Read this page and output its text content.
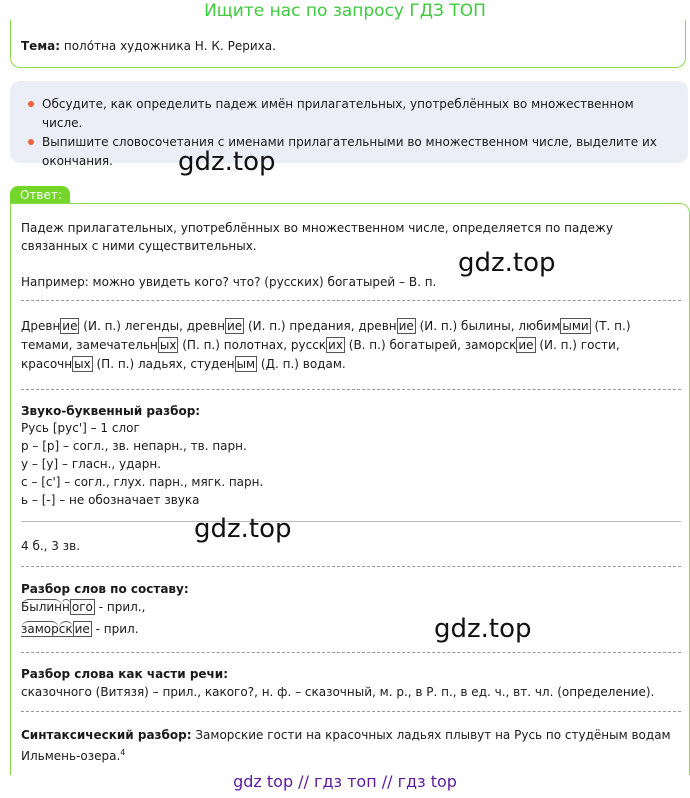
Ищите нас по запросу ГДЗ ТОП
Тема: поло́тна художника Н. К. Рериха.
Обсудите, как определить падеж имён прилагательных, употреблённых во множественном числе.
Выпишите словосочетания с именами прилагательными во множественном числе, выделите их окончания.	gdz.top
Ответ:
Падеж прилагательных, употреблённых во множественном числе, определяется по падежу связанных с ними существительных.
gdz.top
Например: можно увидеть кого? что? (русских) богатырей – В. п.
Древн ие (И. п.) легенды, древн ие (И. п.) предания, древн ие (И. п.) былины, любим ыми (Т. п.) темами, замечательн ых (П. п.) полотнах, русск их (В. п.) богатырей, заморск ие (И. п.) гости, красочн ых (П. п.) ладьях, студен ым (Д. п.) водам.
Звуко-буквенный разбор:
Русь [рус'] – 1 слог
р – [р] – согл., зв. непарн., тв. парн.
у – [у] – гласн., ударн.
с – [с'] – согл., глух. парн., мягк. парн.
ь – [-] – не обозначает звука
gdz.top
4 б., 3 зв.
Разбор слов по составу:
Былинн ого - прил.,
заморск ие - прил.	gdz.top
Разбор слова как части речи:
сказочного (Витязя) – прил., какого?, н. ф. – сказочный, м. р., в Р. п., в ед. ч., вт. чл. (определение).
Синтаксический разбор: Заморские гости на красочных ладьях плывут на Русь по студёным водам
Ильмень-озера.$^4$
gdz top // гдз топ // гдз top
